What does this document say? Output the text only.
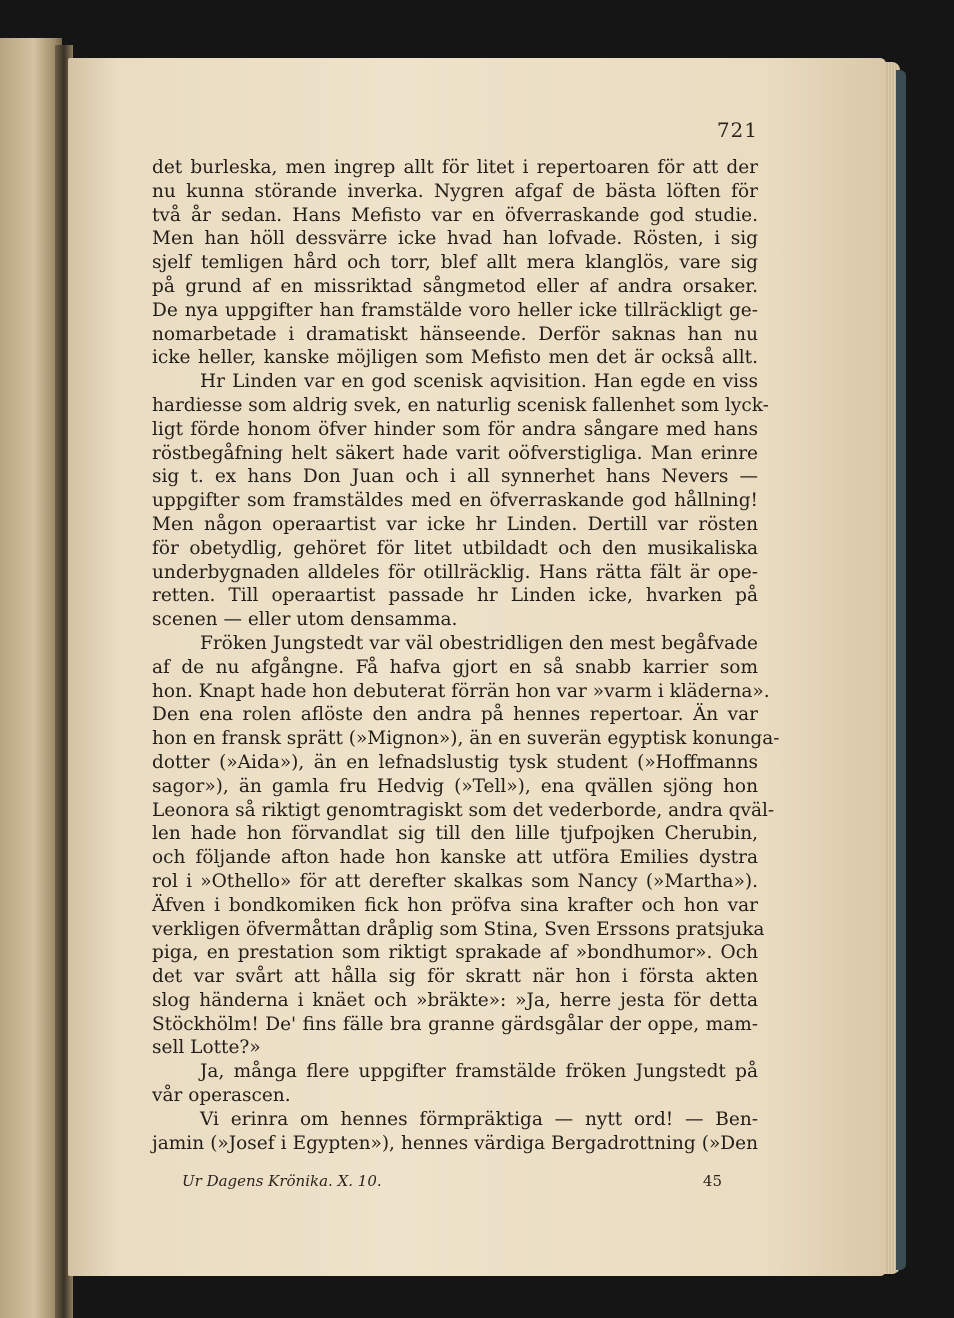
721
det burleska, men ingrep allt för litet i repertoaren för att der
nu kunna störande inverka. Nygren afgaf de bästa löften för
två år sedan. Hans Mefisto var en öfverraskande god studie.
Men han höll dessvärre icke hvad han lofvade. Rösten, i sig
sjelf temligen hård och torr, blef allt mera klanglös, vare sig
på grund af en missriktad sångmetod eller af andra orsaker.
De nya uppgifter han framstälde voro heller icke tillräckligt ge-
nomarbetade i dramatiskt hänseende. Derför saknas han nu
icke heller, kanske möjligen som Mefisto men det är också allt.
Hr Linden var en god scenisk aqvisition. Han egde en viss
hardiesse som aldrig svek, en naturlig scenisk fallenhet som lyck-
ligt förde honom öfver hinder som för andra sångare med hans
röstbegåfning helt säkert hade varit oöfverstigliga. Man erinre
sig t. ex hans Don Juan och i all synnerhet hans Nevers —
uppgifter som framstäldes med en öfverraskande god hållning!
Men någon operaartist var icke hr Linden. Dertill var rösten
för obetydlig, gehöret för litet utbildadt och den musikaliska
underbygnaden alldeles för otillräcklig. Hans rätta fält är ope-
retten. Till operaartist passade hr Linden icke, hvarken på
scenen — eller utom densamma.
Fröken Jungstedt var väl obestridligen den mest begåfvade
af de nu afgångne. Få hafva gjort en så snabb karrier som
hon. Knapt hade hon debuterat förrän hon var »varm i kläderna».
Den ena rolen aflöste den andra på hennes repertoar. Än var
hon en fransk sprätt (»Mignon»), än en suverän egyptisk konunga-
dotter (»Aida»), än en lefnadslustig tysk student (»Hoffmanns
sagor»), än gamla fru Hedvig (»Tell»), ena qvällen sjöng hon
Leonora så riktigt genomtragiskt som det vederborde, andra qväl-
len hade hon förvandlat sig till den lille tjufpojken Cherubin,
och följande afton hade hon kanske att utföra Emilies dystra
rol i »Othello» för att derefter skalkas som Nancy (»Martha»).
Äfven i bondkomiken fick hon pröfva sina krafter och hon var
verkligen öfvermåttan dråplig som Stina, Sven Erssons pratsjuka
piga, en prestation som riktigt sprakade af »bondhumor». Och
det var svårt att hålla sig för skratt när hon i första akten
slog händerna i knäet och »bräkte»: »Ja, herre jesta för detta
Stöckhölm! De' fins fälle bra granne gärdsgålar der oppe, mam-
sell Lotte?»
Ja, många flere uppgifter framstälde fröken Jungstedt på
vår operascen.
Vi erinra om hennes förmpräktiga — nytt ord! — Ben-
jamin (»Josef i Egypten»), hennes värdiga Bergadrottning (»Den
Ur Dagens Krönika. X. 10.	45
